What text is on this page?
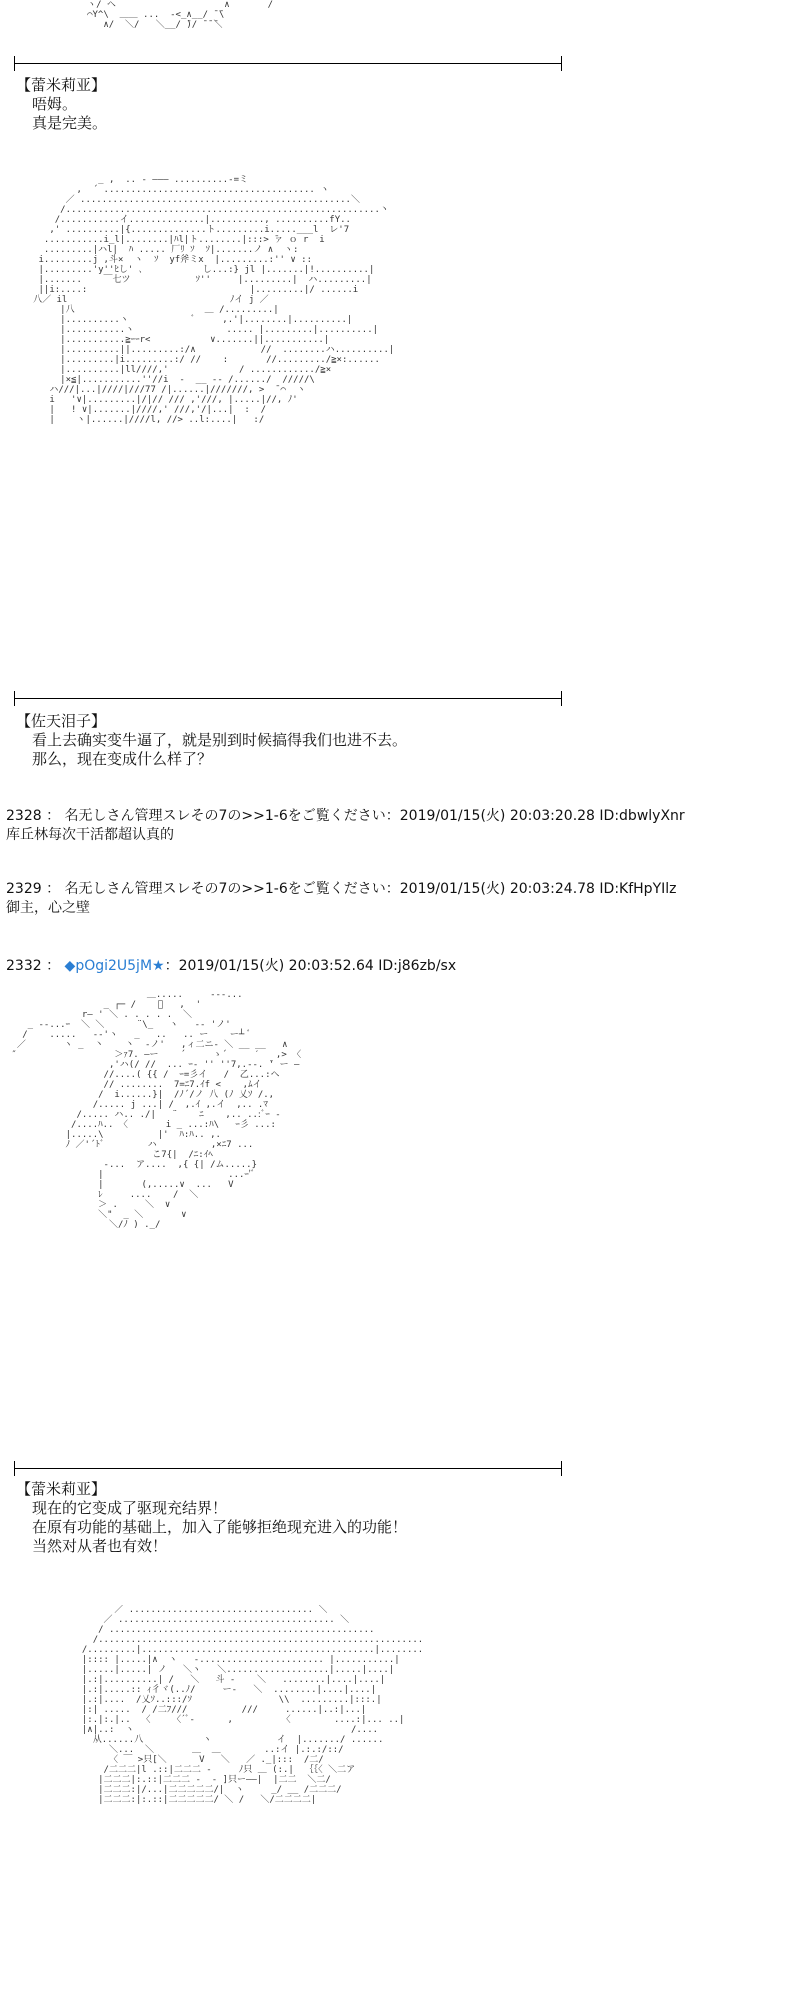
ヽ/ ヘ                    ∧       /
⌒Y^\  ＿＿ ...  -<_∧__/ ̄ ̄\
∧/  ＼/   ＼__/ ̄)/ ̄ ̄ ̄＼
【蕾米莉亚】
唔姆。
真是完美。
_ ,  .. - ――― ..........-=ミ
,  ´ ....................................... ヽ
／ ..................................................＼
/..........................................................丶
/...........イ..............|.........., ..........fY..
,' ..........|{..............ト.........i.....___l  レ'7
...........i_l|........|ﾊl|ト........|:::> ̄ァ ｏ r  i
.........|ハl|  ﾊ ..... 厂ﾘ ｿ  ｿ|.......ノ ∧  ヽ:
i.........j ,斗×  ヽ  ｿ  yf斧ミx  |.........:'' ∨ ::
|.........'y''ﾋし' ､           し...:} jl |.......|!..........|
|.......    ￣七ツ            ｿ''     |.........|  ハ.........|
||i:....:                              |.........|/ ......i
八／ il                              ﾉイ j ／
|八                        ＿ /.........|
|..........ヽ            ﾞ     ,.'|........|..........|
|...........ヽ                 ..... |.........|..........|
|...........≧ｰｰr<           ∨.......||...........|
|..........||.........:/∧            //  ........ハ..........|
|.........|i.........:/ //    :       //........./≧×:......
|..........|ll////,'             / ............/≧×
|×≦|...........''//i  -  __ -- /....../  /////\
ハ///|...|////|///77 /|......|///////, >  ̄ ⌒  ヽ
i   '∨|.........|/|// /// ,'///, |.....|//, ﾉ'
|   ! ∨|.......|////,' ///,'/|...|  :  /
|    ヽ|......|////l, //> ..l:....|   :/
【佐天泪子】
看上去确实变牛逼了，就是别到时候搞得我们也进不去。
那么，现在变成什么样了？
2328 ： 名无しさん管理スレその7の>>1-6をご覧ください：2019/01/15(火) 20:03:20.28 ID:dbwlyXnr
库丘林每次干活都超认真的
2329 ： 名无しさん管理スレその7の>>1-6をご覧ください：2019/01/15(火) 20:03:24.78 ID:KfHpYIlz
御主，心之壁
2332 ： ◆pOgi2U5jM★：2019/01/15(火) 20:03:52.64 ID:j86zb/sx
＿.....     ‐-‐...
_ ┌─ /    ﾟ   ,  '
r― ' ＼ . . . . .  ＼
_ -‐...ｰ  ＼ ＼      ¨\_   ヽ   -- 'ノ'
/    .....   -‐'ヽ   _   ..   .. ー    ー┴ ﾞ
／       ヽ _  丶    丶  ‐ノ'   ,ィ二ニ‐ ＼ __ __   ∧
″                  ＞ｧ7. ―ー    ´     ゝ´     ′   ,> 〈
,'ハ(/ //  ... ｰ‐ '' ''7,.-‐. ̄' ー ―
//....( {{ /  ｰ=彡イ   /  乙...:ヘ
// ........  7=ﾆ7.ｲf <    ,ﾑイ
/  i......}|  /ﾉ´/ノ 八 (ﾉ 乂ｿ /.,
/..... j ...| /  ,.ｲ ,.イ  ,.. .ﾏ
/..... ハ.. ./|   ¨    ﾆ    ,.. ..:ﾞｰ ‐
/....ﾊ.. 〈       i _ ...:ﾊ\   ｰ彡 ...:
|.....\          |'  ﾊ:ﾊ.. ,.
ﾉ ／'´ﾄﾞ        ハ          ,×ﾆ7 ...
こ7{|  /ﾆ:ｲﾍ
‐...  ア....  ,{ {| /ム.....}
|                       ...ｰ'ﾞ
|       (,.....∨  ...   V
ﾚ     ....    /  ＼
＞ .     ＼  ∨
＼"  _ ＼       ∨
＼/ﾉ ) ._/
【蕾米莉亚】
现在的它变成了驱现充结界！
在原有功能的基础上，加入了能够拒绝现充进入的功能！
当然对从者也有效！
／ .................................. ＼
／ ........................................ ＼
/ .................................................
/............................................................
/.........|...........................................|........
|:::: |.....|∧  ヽ   ‐....................... |...........|
|.....|.....| ノ   ＼ヽ   ＼...................|.....|....|
|.:|..........| /   ＼   斗 ‐    ＼   ........|....|....|
|.:|.....:: ｨ彳ヾ(..ﾉ/     ー‐   ＼  ........|....|....|
|.:|....  /乂ｿ..:::/ｿ                \\  .........|:::.|
|:| .....  / /二ﾌ///          ///     ......|..:|...|
|:.|:.|..  〈    〈´ﾞ‐      ,         〈        ....:|... ..|
|∧|..:  ヽ                                        /....
从......八           ヽ            イ  |......./ ......
＼...  ＼       ＿  ＿        ..:イ |.:.:/::/
〈 ￣ >只[＼      V   ＼   ／ ._|:::  /二/
/二二二|l .::|二二二 -     ﾉ只 ＿ (:.|  ｛｛〈 ＼二ア
|二二二|:.::|二二二 -  ‐ ]只ー――|  |二二  ＼二/
|二二二:|/...|二二二二二/|  ヽ     _/ __ /二二二/
|二二二:|:.::|二二二二二/ ＼ /   ＼/二二二二|
